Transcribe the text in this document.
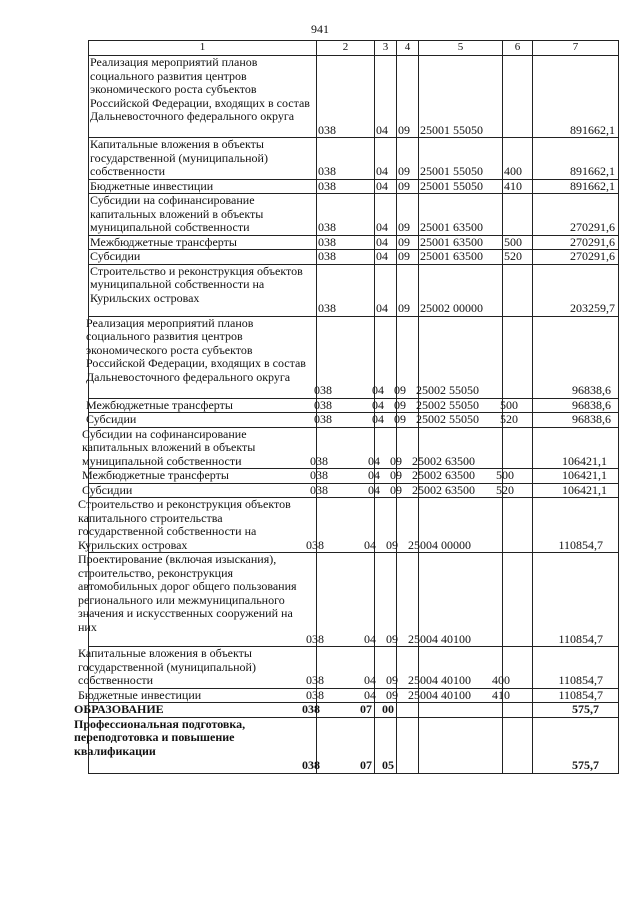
941
1	2	3	4	5	6	7
Реализация мероприятий планов социального развития центров экономического роста субъектов Российской Федерации, входящих в состав Дальневосточного федерального округа	038	04	09	25001 55050		891662,1
Капитальные вложения в объекты государственной (муниципальной) собственности	038	04	09	25001 55050	400	891662,1
Бюджетные инвестиции	038	04	09	25001 55050	410	891662,1
Субсидии на софинансирование капитальных вложений в объекты муниципальной собственности	038	04	09	25001 63500		270291,6
Межбюджетные трансферты	038	04	09	25001 63500	500	270291,6
Субсидии	038	04	09	25001 63500	520	270291,6
Строительство и реконструкция объектов муниципальной собственности на Курильских островах	038	04	09	25002 00000		203259,7
Реализация мероприятий планов социального развития центров экономического роста субъектов Российской Федерации, входящих в состав Дальневосточного федерального округа	038	04	09	25002 55050		96838,6
Межбюджетные трансферты	038	04	09	25002 55050	500	96838,6
Субсидии	038	04	09	25002 55050	520	96838,6
Субсидии на софинансирование капитальных вложений в объекты муниципальной собственности	038	04	09	25002 63500		106421,1
Межбюджетные трансферты	038	04	09	25002 63500	500	106421,1
Субсидии	038	04	09	25002 63500	520	106421,1
Строительство и реконструкция объектов капитального строительства государственной собственности на Курильских островах	038	04	09	25004 00000		110854,7
Проектирование (включая изыскания), строительство, реконструкция автомобильных дорог общего пользования регионального или межмуниципального значения и искусственных сооружений на них	038	04	09	25004 40100		110854,7
Капитальные вложения в объекты государственной (муниципальной) собственности	038	04	09	25004 40100	400	110854,7
Бюджетные инвестиции	038	04	09	25004 40100	410	110854,7
ОБРАЗОВАНИЕ	038	07	00			575,7
Профессиональная подготовка, переподготовка и повышение квалификации	038	07	05			575,7
